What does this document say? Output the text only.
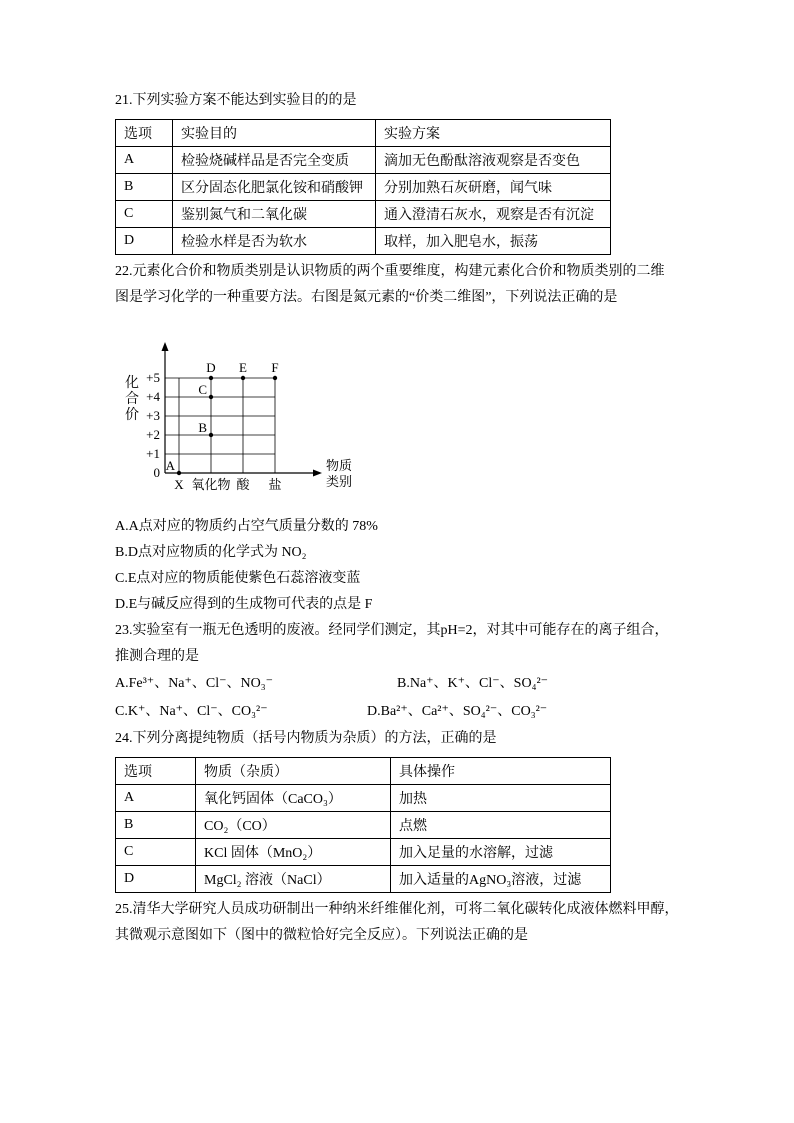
21.下列实验方案不能达到实验目的的是

选项	实验目的	实验方案
A	检验烧碱样品是否完全变质	滴加无色酚酞溶液观察是否变色
B	区分固态化肥氯化铵和硝酸钾	分别加熟石灰研磨，闻气味
C	鉴别氮气和二氧化碳	通入澄清石灰水，观察是否有沉淀
D	检验水样是否为软水	取样，加入肥皂水，振荡

22.元素化合价和物质类别是认识物质的两个重要维度，构建元素化合价和物质类别的二维

图是学习化学的一种重要方法。右图是氮元素的“价类二维图”，下列说法正确的是

+5
+4
+3
+2
+1
0
化
合
价
X 氧化物 酸 盐
物质
类别
A
B
C
D E F

A.A点对应的物质约占空气质量分数的 78%

B.D点对应物质的化学式为 NO₂

C.E点对应的物质能使紫色石蕊溶液变蓝

D.E与碱反应得到的生成物可代表的点是 F

23.实验室有一瓶无色透明的废液。经同学们测定，其pH=2，对其中可能存在的离子组合，

推测合理的是

A.Fe³⁺、Na⁺、Cl⁻、NO₃⁻	B.Na⁺、K⁺、Cl⁻、SO₄²⁻
C.K⁺、Na⁺、Cl⁻、CO₃²⁻	D.Ba²⁺、Ca²⁺、SO₄²⁻、CO₃²⁻

24.下列分离提纯物质（括号内物质为杂质）的方法，正确的是

选项	物质（杂质）	具体操作
A	氧化钙固体（CaCO₃）	加热
B	CO₂（CO）	点燃
C	KCl 固体（MnO₂）	加入足量的水溶解，过滤
D	MgCl₂ 溶液（NaCl）	加入适量的AgNO₃溶液，过滤

25.清华大学研究人员成功研制出一种纳米纤维催化剂，可将二氧化碳转化成液体燃料甲醇，

其微观示意图如下（图中的微粒恰好完全反应）。下列说法正确的是
